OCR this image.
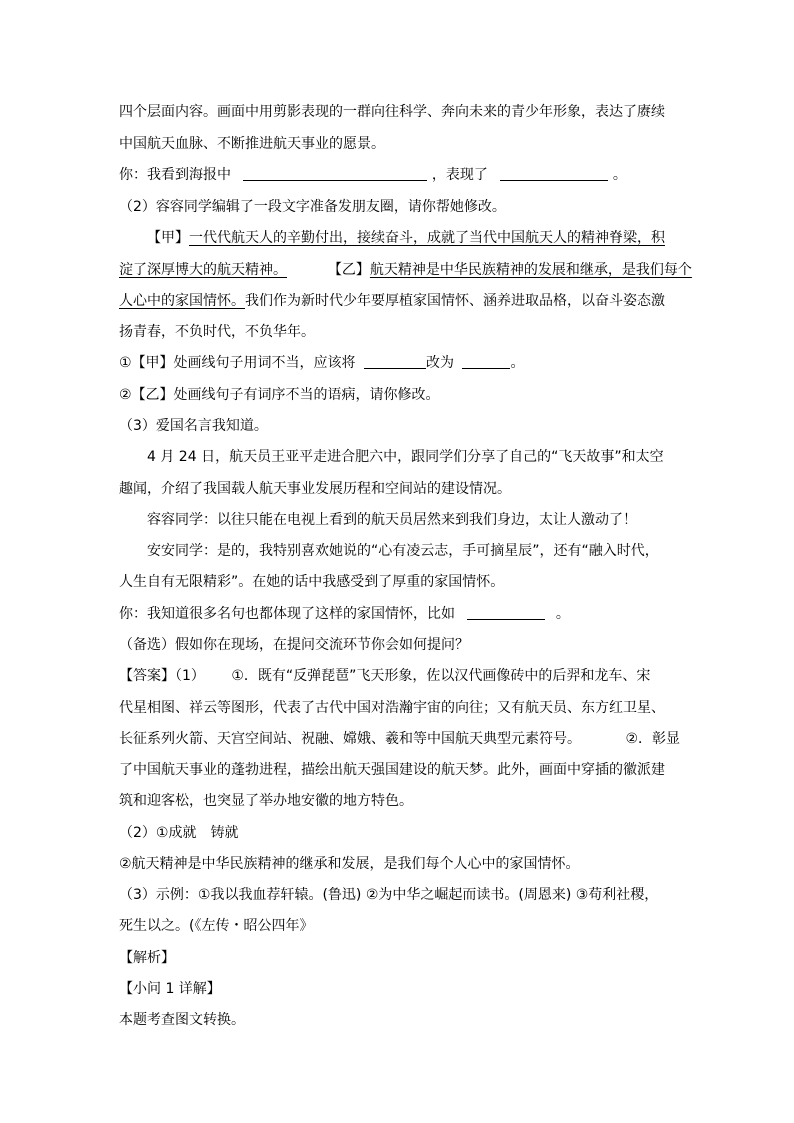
四个层面内容。画面中用剪影表现的一群向往科学、奔向未来的青少年形象，表达了赓续
中国航天血脉、不断推进航天事业的愿景。
你：我看到海报中	，表现了	。
（2）容容同学编辑了一段文字准备发朋友圈，请你帮她修改。
【甲】一代代航天人的辛勤付出，接续奋斗，成就了当代中国航天人的精神脊梁，积
淀了深厚博大的航天精神。	【乙】航天精神是中华民族精神的发展和继承，是我们每个
人心中的家国情怀。我们作为新时代少年要厚植家国情怀、涵养进取品格，以奋斗姿态激
扬青春，不负时代，不负华年。
①【甲】处画线句子用词不当，应该将	改为	。
②【乙】处画线句子有词序不当的语病，请你修改。
（3）爱国名言我知道。
4 月 24 日，航天员王亚平走进合肥六中，跟同学们分享了自己的“飞天故事”和太空
趣闻，介绍了我国载人航天事业发展历程和空间站的建设情况。
容容同学：以往只能在电视上看到的航天员居然来到我们身边，太让人激动了！
安安同学：是的，我特别喜欢她说的“心有凌云志，手可摘星辰”，还有“融入时代，
人生自有无限精彩”。在她的话中我感受到了厚重的家国情怀。
你：我知道很多名句也都体现了这样的家国情怀，比如	。
（备选）假如你在现场，在提问交流环节你会如何提问？
【答案】（1） ①．既有“反弹琵琶”飞天形象，佐以汉代画像砖中的后羿和龙车、宋
代星相图、祥云等图形，代表了古代中国对浩瀚宇宙的向往；又有航天员、东方红卫星、
长征系列火箭、天宫空间站、祝融、嫦娥、羲和等中国航天典型元素符号。	②．彰显
了中国航天事业的蓬勃进程，描绘出航天强国建设的航天梦。此外，画面中穿插的徽派建
筑和迎客松，也突显了举办地安徽的地方特色。
（2）①成就　铸就
②航天精神是中华民族精神的继承和发展，是我们每个人心中的家国情怀。
（3）示例：①我以我血荐轩辕。(鲁迅) ②为中华之崛起而读书。(周恩来) ③苟利社稷，
死生以之。(《左传・昭公四年》
【解析】
【小问 1 详解】
本题考查图文转换。
